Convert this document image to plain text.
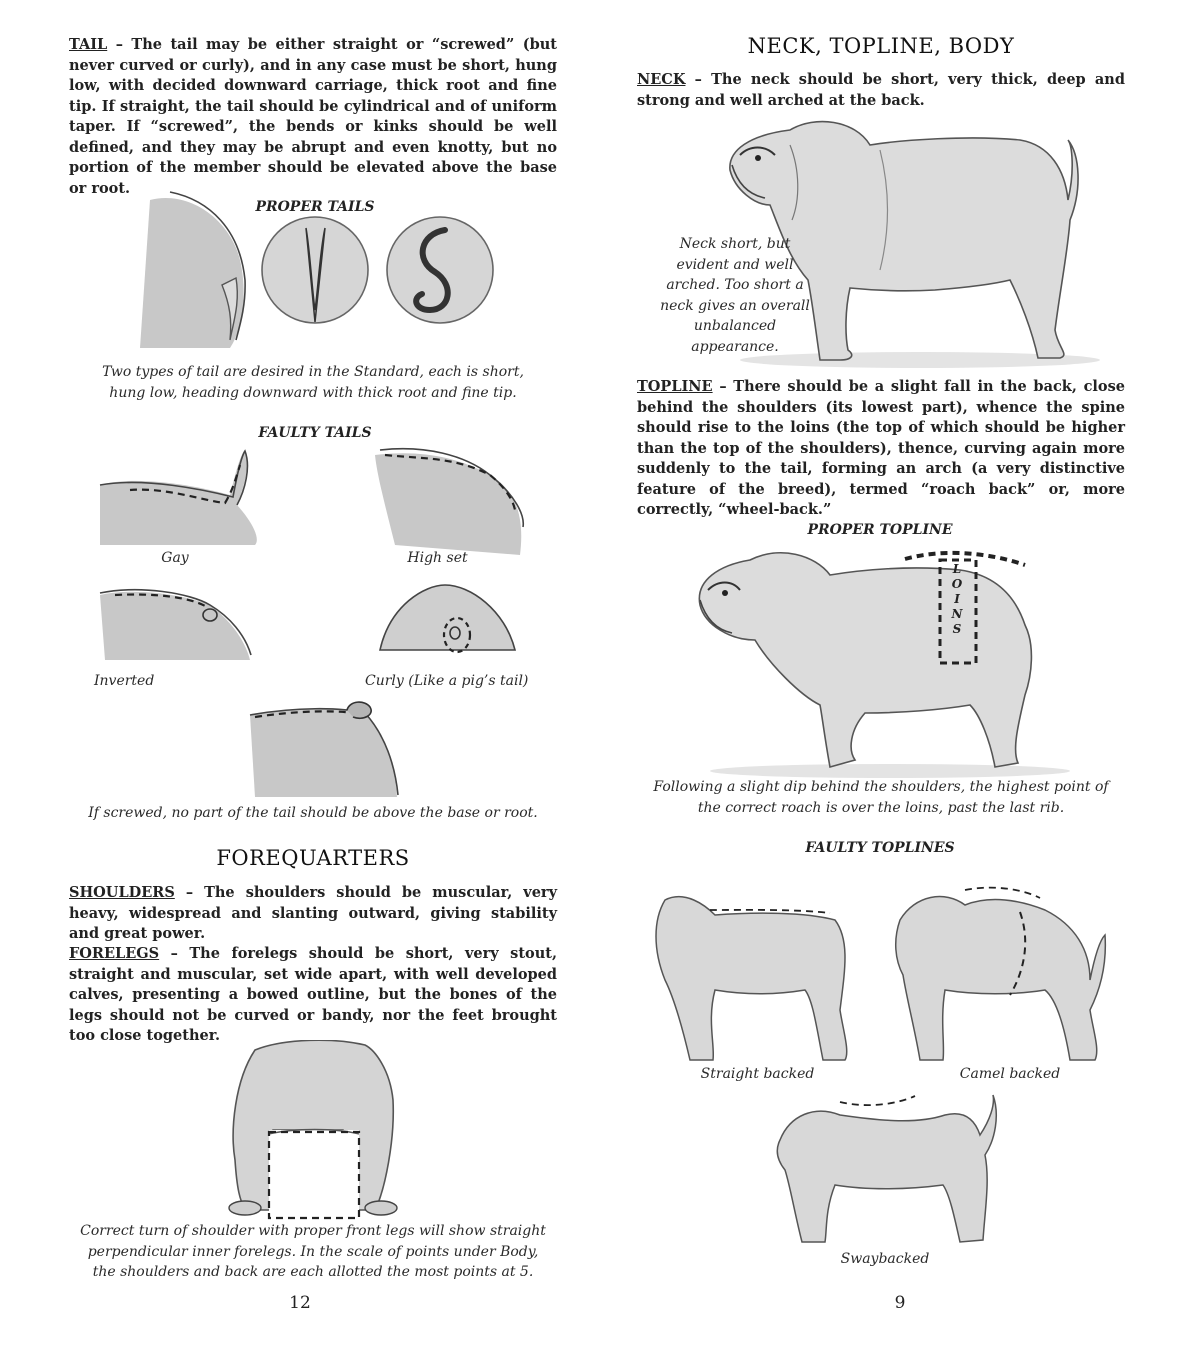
TAIL – The tail may be either straight or “screwed” (but never curved or curly), and in any case must be short, hung low, with decided downward carriage, thick root and fine tip. If straight, the tail should be cylindrical and of uniform taper. If “screwed”, the bends or kinks should be well defined, and they may be abrupt and even knotty, but no portion of the member should be elevated above the base or root.
PROPER TAILS
Two types of tail are desired in the Standard, each is short, hung low, heading downward with thick root and fine tip.
FAULTY TAILS
Gay	High set
Inverted	Curly (Like a pig’s tail)
If screwed, no part of the tail should be above the base or root.
FOREQUARTERS
SHOULDERS – The shoulders should be muscular, very heavy, widespread and slanting outward, giving stability and great power.
FORELEGS – The forelegs should be short, very stout, straight and muscular, set wide apart, with well developed calves, presenting a bowed outline, but the bones of the legs should not be curved or bandy, nor the feet brought too close together.
Correct turn of shoulder with proper front legs will show straight perpendicular inner forelegs. In the scale of points under Body, the shoulders and back are each allotted the most points at 5.
12
NECK, TOPLINE, BODY
NECK – The neck should be short, very thick, deep and strong and well arched at the back.
Neck short, but evident and well arched. Too short a neck gives an overall unbalanced appearance.
TOPLINE – There should be a slight fall in the back, close behind the shoulders (its lowest part), whence the spine should rise to the loins (the top of which should be higher than the top of the shoulders), thence, curving again more suddenly to the tail, forming an arch (a very distinctive feature of the breed), termed “roach back” or, more correctly, “wheel-back.”
PROPER TOPLINE
L
O
I
N
S
Following a slight dip behind the shoulders, the highest point of the correct roach is over the loins, past the last rib.
FAULTY TOPLINES
Straight backed	Camel backed
Swaybacked
9
